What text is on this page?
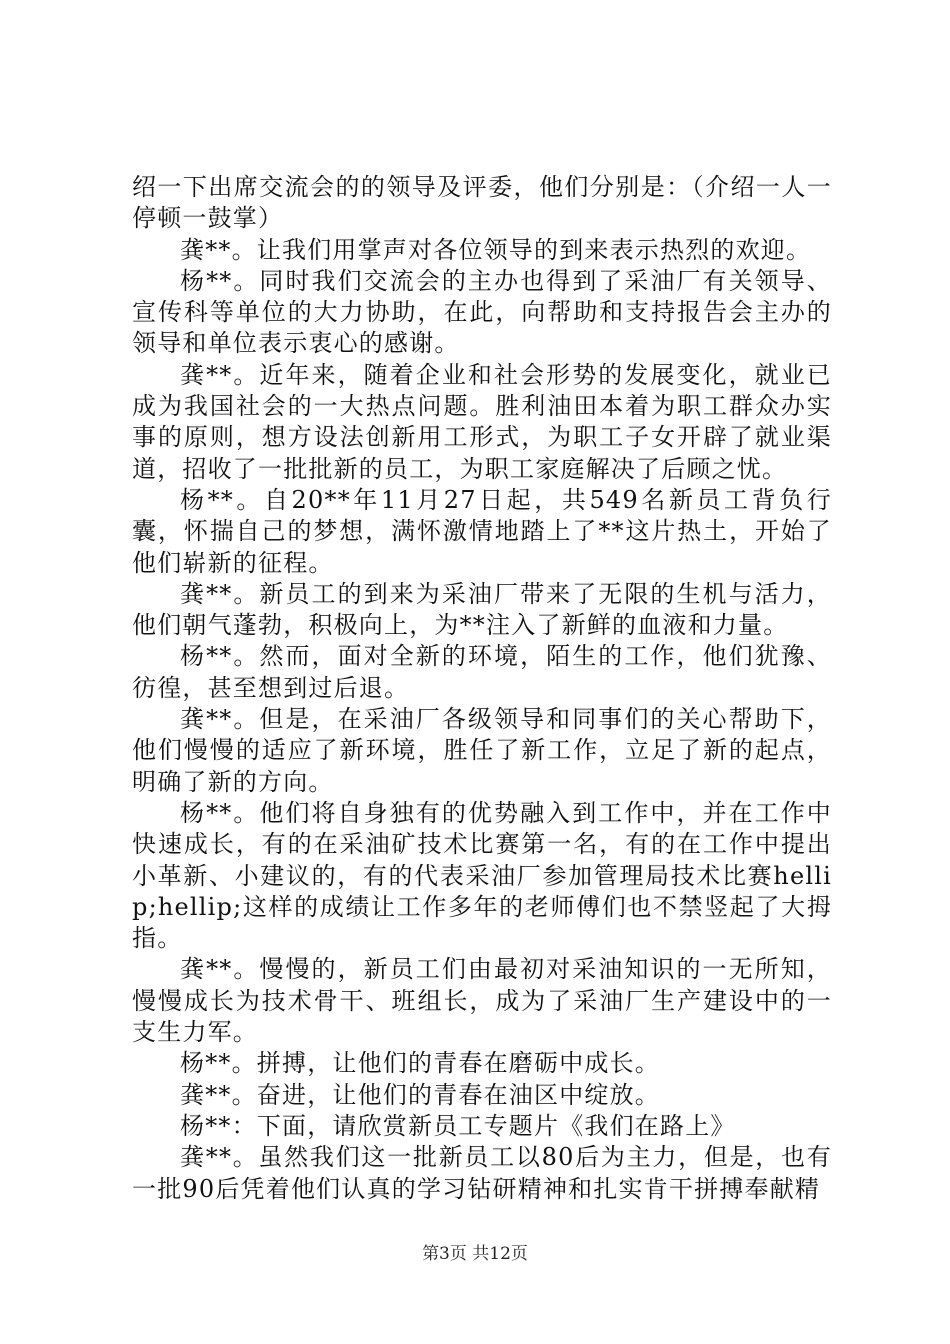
绍一下出席交流会的的领导及评委，他们分别是：（介绍一人一停顿一鼓掌）

龚**。让我们用掌声对各位领导的到来表示热烈的欢迎。

杨**。同时我们交流会的主办也得到了采油厂有关领导、宣传科等单位的大力协助，在此，向帮助和支持报告会主办的领导和单位表示衷心的感谢。

龚**。近年来，随着企业和社会形势的发展变化，就业已成为我国社会的一大热点问题。胜利油田本着为职工群众办实事的原则，想方设法创新用工形式，为职工子女开辟了就业渠道，招收了一批批新的员工，为职工家庭解决了后顾之忧。

杨**。自20**年11月27日起，共549名新员工背负行囊，怀揣自己的梦想，满怀激情地踏上了**这片热土，开始了他们崭新的征程。

龚**。新员工的到来为采油厂带来了无限的生机与活力，他们朝气蓬勃，积极向上，为**注入了新鲜的血液和力量。

杨**。然而，面对全新的环境，陌生的工作，他们犹豫、彷徨，甚至想到过后退。

龚**。但是，在采油厂各级领导和同事们的关心帮助下，他们慢慢的适应了新环境，胜任了新工作，立足了新的起点，明确了新的方向。

杨**。他们将自身独有的优势融入到工作中，并在工作中快速成长，有的在采油矿技术比赛第一名，有的在工作中提出小革新、小建议的，有的代表采油厂参加管理局技术比赛hellip;hellip;这样的成绩让工作多年的老师傅们也不禁竖起了大拇指。

龚**。慢慢的，新员工们由最初对采油知识的一无所知，慢慢成长为技术骨干、班组长，成为了采油厂生产建设中的一支生力军。

杨**。拼搏，让他们的青春在磨砺中成长。

龚**。奋进，让他们的青春在油区中绽放。

杨**：下面，请欣赏新员工专题片《我们在路上》

龚**。虽然我们这一批新员工以80后为主力，但是，也有一批90后凭着他们认真的学习钻研精神和扎实肯干拼搏奉献精

第3页 共12页
